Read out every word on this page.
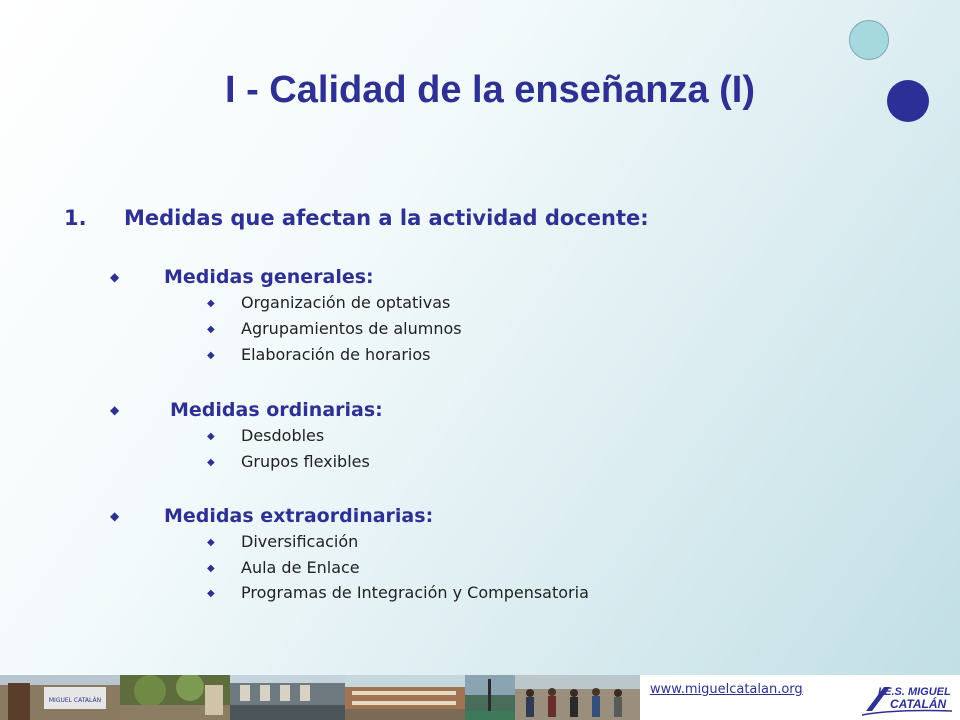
I - Calidad de la enseñanza (I)
1. Medidas que afectan a la actividad docente:
◆ Medidas generales:
◆ Organización de optativas
◆ Agrupamientos de alumnos
◆ Elaboración de horarios
◆	Medidas ordinarias:
◆ Desdobles
◆ Grupos flexibles
◆ Medidas extraordinarias:
◆ Diversificación
◆ Aula de Enlace
◆ Programas de Integración y Compensatoria
MIGUEL CATALÁN
www.miguelcatalan.org	I.E.S. MIGUEL
CATALÁN
